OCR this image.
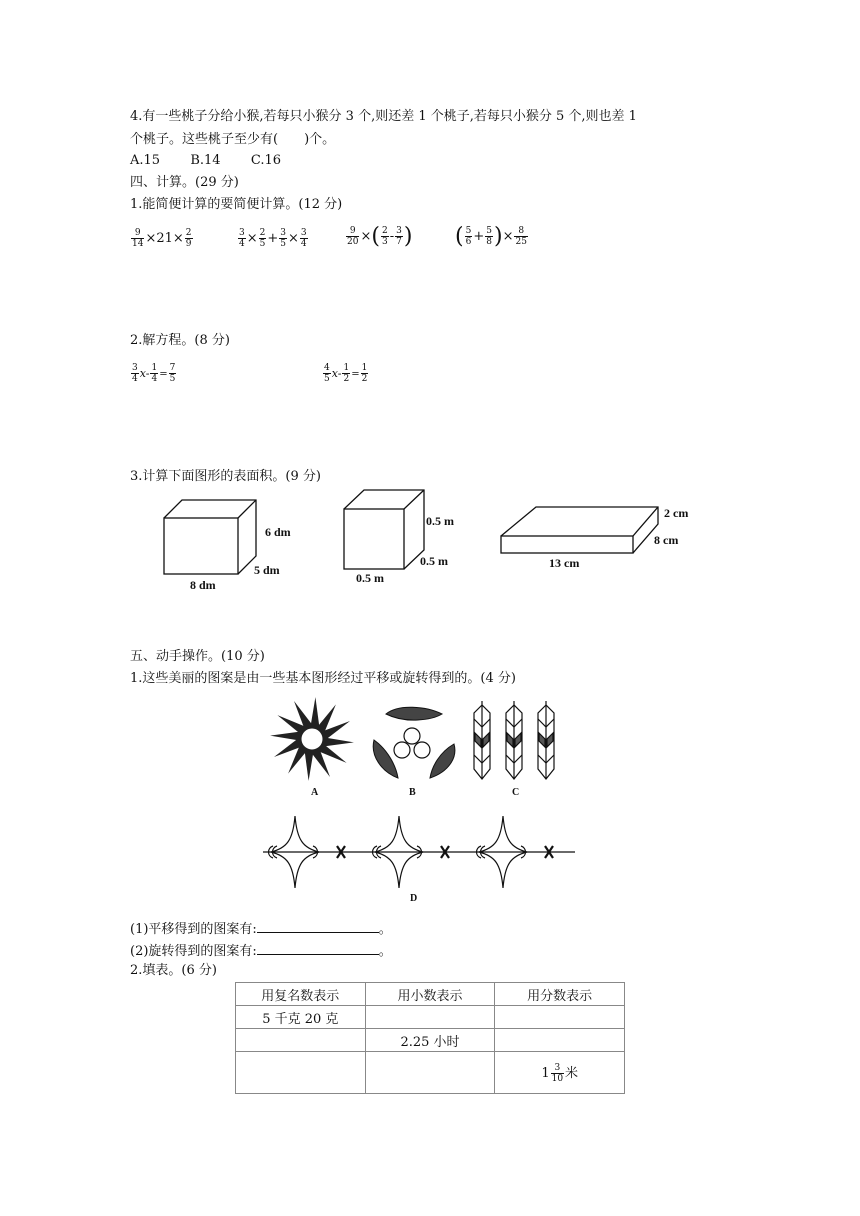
4.有一些桃子分给小猴,若每只小猴分 3 个,则还差 1 个桃子,若每只小猴分 5 个,则也差 1
个桃子。这些桃子至少有(　　)个。
A.15 B.14 C.16
四、计算。(29 分)
1.能简便计算的要简便计算。(12 分)
$\frac{9}{14} \times 21\times \frac{2}{9}$	$\frac{3}{4} \times \frac{2}{5} + \frac{3}{5} \times \frac{3}{4}$	$\frac{9}{20}$ ×( $\frac{2}{3} - \frac{3}{7}$ ) ( $\frac{5}{6} + \frac{5}{8}$ )× $\frac{8}{25}$
2.解方程。(8 分)
$\frac{3}{4} x- \frac{1}{4} = \frac{7}{5}$	$\frac{4}{5} x- \frac{1}{2} = \frac{1}{2}$
3.计算下面图形的表面积。(9 分)
6 dm
5 dm
8 dm
0.5 m
0.5 m
0.5 m
2 cm
8 cm
13 cm
五、动手操作。(10 分)
1.这些美丽的图案是由一些基本图形经过平移或旋转得到的。(4 分)
A	B	C
D
(1)平移得到的图案有:	。
(2)旋转得到的图案有:	。
2.填表。(6 分)
用复名数表示	用小数表示	用分数表示
5 千克 20 克		
	2.25 小时	
		$1 \frac{3}{10}$ 米
